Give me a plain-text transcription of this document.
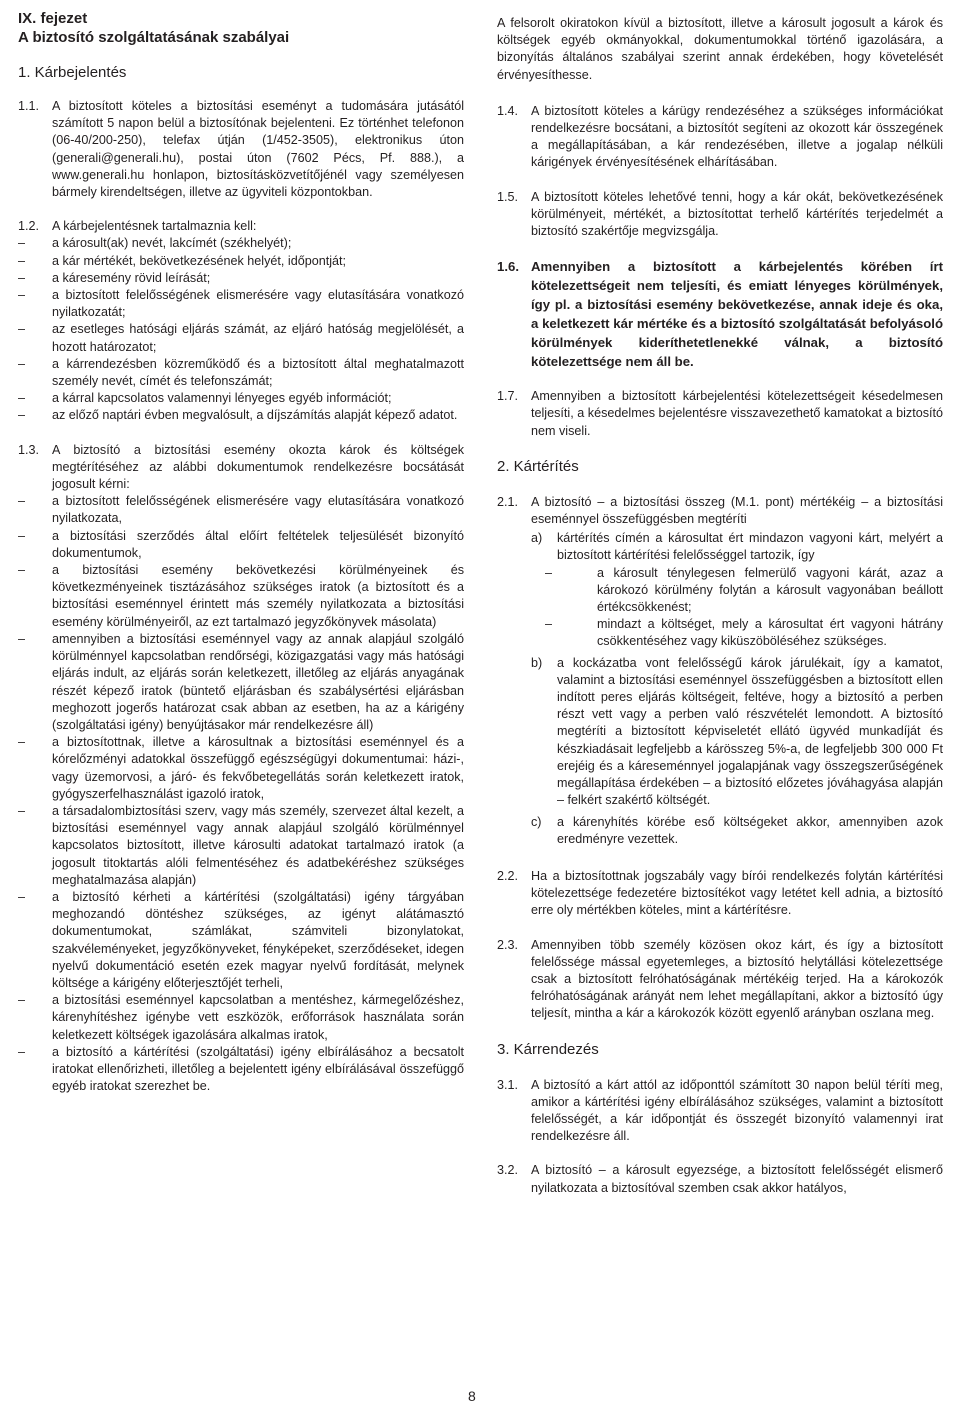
IX. fejezet
A biztosító szolgáltatásának szabályai
1. Kárbejelentés
1.1. A biztosított köteles a biztosítási eseményt a tudomására jutásától számított 5 napon belül a biztosítónak bejelenteni. Ez történhet telefonon (06-40/200-250), telefax útján (1/452-3505), elektronikus úton (generali@generali.hu), postai úton (7602 Pécs, Pf. 888.), a www.generali.hu honlapon, biztosításközvetítőjénél vagy személyesen bármely kirendeltségen, illetve az ügyviteli központokban.
1.2. A kárbejelentésnek tartalmaznia kell:
– a károsult(ak) nevét, lakcímét (székhelyét);
– a kár mértékét, bekövetkezésének helyét, időpontját;
– a káresemény rövid leírását;
– a biztosított felelősségének elismerésére vagy elutasítására vonatkozó nyilatkozatát;
– az esetleges hatósági eljárás számát, az eljáró hatóság megjelölését, a hozott határozatot;
– a kárrendezésben közreműködő és a biztosított által meghatalmazott személy nevét, címét és telefonszámát;
– a kárral kapcsolatos valamennyi lényeges egyéb információt;
– az előző naptári évben megvalósult, a díjszámítás alapját képező adatot.
1.3. A biztosító a biztosítási esemény okozta károk és költségek megtérítéséhez az alábbi dokumentumok rendelkezésre bocsátását jogosult kérni:
– a biztosított felelősségének elismerésére vagy elutasítására vonatkozó nyilatkozata,
– a biztosítási szerződés által előírt feltételek teljesülését bizonyító dokumentumok,
– a biztosítási esemény bekövetkezési körülményeinek és következményeinek tisztázásához szükséges iratok (a biztosított és a biztosítási eseménnyel érintett más személy nyilatkozata a biztosítási esemény körülményeiről, az ezt tartalmazó jegyzőkönyvek másolata)
– amennyiben a biztosítási eseménnyel vagy az annak alapjául szolgáló körülménnyel kapcsolatban rendőrségi, közigazgatási vagy más hatósági eljárás indult, az eljárás során keletkezett, illetőleg az eljárás anyagának részét képező iratok (büntető eljárásban és szabálysértési eljárásban meghozott jogerős határozat csak abban az esetben, ha az a kárigény (szolgáltatási igény) benyújtásakor már rendelkezésre áll)
– a biztosítottnak, illetve a károsultnak a biztosítási eseménnyel és a kórelőzményi adatokkal összefüggő egészségügyi dokumentumai: házi-, vagy üzemorvosi, a járó- és fekvőbetegellátás során keletkezett iratok, gyógyszerfelhasználást igazoló iratok,
– a társadalombiztosítási szerv, vagy más személy, szervezet által kezelt, a biztosítási eseménnyel vagy annak alapjául szolgáló körülménnyel kapcsolatos biztosított, illetve károsulti adatokat tartalmazó iratok (a jogosult titoktartás alóli felmentéséhez és adatbekéréshez szükséges meghatalmazása alapján)
– a biztosító kérheti a kártérítési (szolgáltatási) igény tárgyában meghozandó döntéshez szükséges, az igényt alátámasztó dokumentumokat, számlákat, számviteli bizonylatokat, szakvéleményeket, jegyzőkönyveket, fényképeket, szerződéseket, idegen nyelvű dokumentáció esetén ezek magyar nyelvű fordítását, melynek költsége a kárigény előterjesztőjét terheli,
– a biztosítási eseménnyel kapcsolatban a mentéshez, kármegelőzéshez, kárenyhítéshez igénybe vett eszközök, erőforrások használata során keletkezett költségek igazolására alkalmas iratok,
– a biztosító a kártérítési (szolgáltatási) igény elbírálásához a becsatolt iratokat ellenőrizheti, illetőleg a bejelentett igény elbírálásával összefüggő egyéb iratokat szerezhet be.
A felsorolt okiratokon kívül a biztosított, illetve a károsult jogosult a károk és költségek egyéb okmányokkal, dokumentumokkal történő igazolására, a bizonyítás általános szabályai szerint annak érdekében, hogy követelését érvényesíthesse.
1.4. A biztosított köteles a kárügy rendezéséhez a szükséges információkat rendelkezésre bocsátani, a biztosítót segíteni az okozott kár összegének a megállapításában, a kár rendezésében, illetve a jogalap nélküli kárigények érvényesítésének elhárításában.
1.5. A biztosított köteles lehetővé tenni, hogy a kár okát, bekövetkezésének körülményeit, mértékét, a biztosítottat terhelő kártérítés terjedelmét a biztosító szakértője megvizsgálja.
1.6. Amennyiben a biztosított a kárbejelentés körében írt kötelezettségeit nem teljesíti, és emiatt lényeges körülmények, így pl. a biztosítási esemény bekövetkezése, annak ideje és oka, a keletkezett kár mértéke és a biztosító szolgáltatását befolyásoló körülmények kideríthetetlenekké válnak, a biztosító kötelezettsége nem áll be.
1.7. Amennyiben a biztosított kárbejelentési kötelezettségeit késedelmesen teljesíti, a késedelmes bejelentésre visszavezethető kamatokat a biztosító nem viseli.
2. Kártérítés
2.1. A biztosító – a biztosítási összeg (M.1. pont) mértékéig – a biztosítási eseménnyel összefüggésben megtéríti
a) kártérítés címén a károsultat ért mindazon vagyoni kárt, melyért a biztosított kártérítési felelősséggel tartozik, így
– a károsult ténylegesen felmerülő vagyoni kárát, azaz a károkozó körülmény folytán a károsult vagyonában beállott értékcsökkenést;
– mindazt a költséget, mely a károsultat ért vagyoni hátrány csökkentéséhez vagy kiküszöböléséhez szükséges.
b) a kockázatba vont felelősségű károk járulékait, így a kamatot, valamint a biztosítási eseménnyel összefüggésben a biztosított ellen indított peres eljárás költségeit, feltéve, hogy a biztosító a perben részt vett vagy a perben való részvételét lemondott. A biztosító megtéríti a biztosított képviseletét ellátó ügyvéd munkadíját és készkiadásait legfeljebb a kárösszeg 5%-a, de legfeljebb 300 000 Ft erejéig és a káreseménnyel jogalapjának vagy összegszerűségének megállapítása érdekében – a biztosító előzetes jóváhagyása alapján – felkért szakértő költségét.
c) a kárenyhítés körébe eső költségeket akkor, amennyiben azok eredményre vezettek.
2.2. Ha a biztosítottnak jogszabály vagy bírói rendelkezés folytán kártérítési kötelezettsége fedezetére biztosítékot vagy letétet kell adnia, a biztosító erre oly mértékben köteles, mint a kártérítésre.
2.3. Amennyiben több személy közösen okoz kárt, és így a biztosított felelőssége mással egyetemleges, a biztosító helytállási kötelezettsége csak a biztosított felróhatóságának mértékéig terjed. Ha a károkozók felróhatóságának arányát nem lehet megállapítani, akkor a biztosító úgy teljesít, mintha a kár a károkozók között egyenlő arányban oszlana meg.
3. Kárrendezés
3.1. A biztosító a kárt attól az időponttól számított 30 napon belül téríti meg, amikor a kártérítési igény elbírálásához szükséges, valamint a biztosított felelősségét, a kár időpontját és összegét bizonyító valamennyi irat rendelkezésre áll.
3.2. A biztosító – a károsult egyezsége, a biztosított felelősségét elismerő nyilatkozata a biztosítóval szemben csak akkor hatályos,
8
